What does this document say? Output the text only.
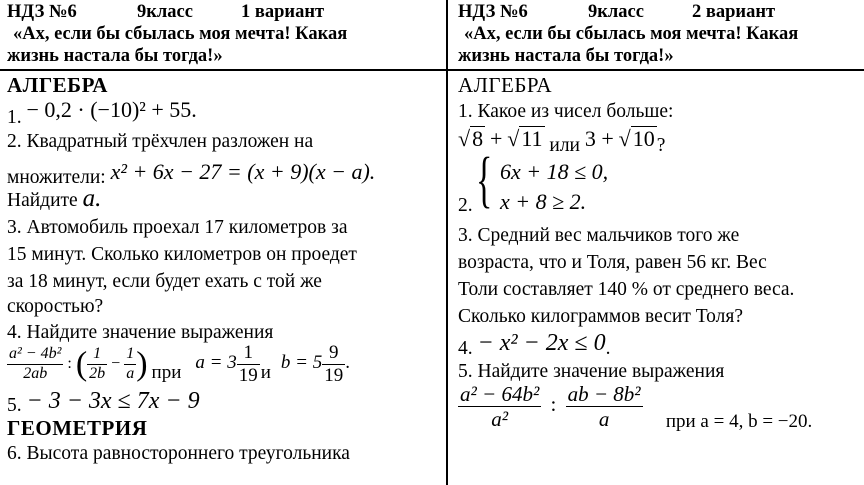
НДЗ №6	9класс	1 вариант
«Ах, если бы сбылась моя мечта! Какая
жизнь настала бы тогда!»
АЛГЕБРА
1. − 0,2 · (−10)² + 55.
2. Квадратный трёхчлен разложен на
множители: x² + 6x − 27 = (x + 9)(x − a).
Найдите a.
3. Автомобиль проехал 17 километров за
15 минут. Сколько километров он проедет
за 18 минут, если будет ехать с той же
скоростью?
4. Найдите значение выражения
$\frac{\text{a² − 4b²}}{2ab}$ : ( $\frac{1}{2b} - \frac{1}{a}$ ) при $a = 3 \frac{1}{19}$ и $b = 5 \frac{9}{19}$ .
5. − 3 − 3x ≤ 7x − 9
ГЕОМЕТРИЯ
6. Высота равностороннего треугольника
НДЗ №6	9класс	2 вариант
«Ах, если бы сбылась моя мечта! Какая
жизнь настала бы тогда!»
АЛГЕБРА
1. Какое из чисел больше:
√8 + √11 или 3 + √10 ?
2. { 6x + 18 ≤ 0,
x + 8 ≥ 2.
3. Средний вес мальчиков того же
возраста, что и Толя, равен 56 кг. Вес
Толи составляет 140 % от среднего веса.
Сколько килограммов весит Толя?
4. − x² − 2x ≤ 0.
5. Найдите значение выражения
$\frac{\text{a² − 64b²}}{\text{a²}}$ : $\frac{\text{ab − 8b²}}{a}$ при a = 4, b = −20.
